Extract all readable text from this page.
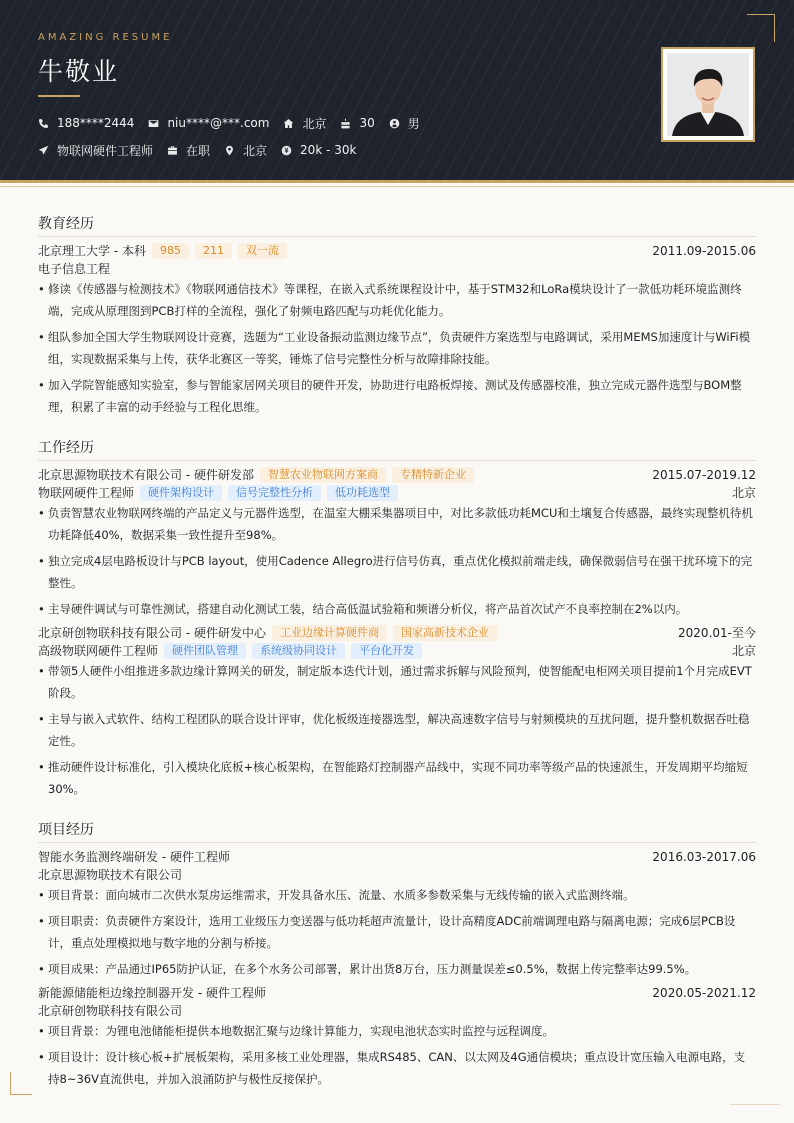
AMAZING RESUME
牛敬业
188****2444	niu****@***.com	北京	30	男
物联网硬件工程师	在职	北京	20k - 30k
教育经历
北京理工大学 - 本科	985	211	双一流	2011.09-2015.06
电子信息工程
• 修读《传感器与检测技术》《物联网通信技术》等课程，在嵌入式系统课程设计中，基于STM32和LoRa模块设计了一款低功耗环境监测终端，完成从原理图到PCB打样的全流程，强化了射频电路匹配与功耗优化能力。
• 组队参加全国大学生物联网设计竞赛，选题为“工业设备振动监测边缘节点”，负责硬件方案选型与电路调试，采用MEMS加速度计与WiFi模组，实现数据采集与上传，获华北赛区一等奖，锤炼了信号完整性分析与故障排除技能。
• 加入学院智能感知实验室，参与智能家居网关项目的硬件开发，协助进行电路板焊接、测试及传感器校准，独立完成元器件选型与BOM整理，积累了丰富的动手经验与工程化思维。
工作经历
北京思源物联技术有限公司 - 硬件研发部	智慧农业物联网方案商	专精特新企业	2015.07-2019.12
物联网硬件工程师	硬件架构设计	信号完整性分析	低功耗选型	北京
• 负责智慧农业物联网终端的产品定义与元器件选型，在温室大棚采集器项目中，对比多款低功耗MCU和土壤复合传感器，最终实现整机待机功耗降低40%，数据采集一致性提升至98%。
• 独立完成4层电路板设计与PCB layout，使用Cadence Allegro进行信号仿真，重点优化模拟前端走线，确保微弱信号在强干扰环境下的完整性。
• 主导硬件调试与可靠性测试，搭建自动化测试工装，结合高低温试验箱和频谱分析仪，将产品首次试产不良率控制在2%以内。
北京研创物联科技有限公司 - 硬件研发中心	工业边缘计算硬件商	国家高新技术企业	2020.01-至今
高级物联网硬件工程师	硬件团队管理	系统级协同设计	平台化开发	北京
• 带领5人硬件小组推进多款边缘计算网关的研发，制定版本迭代计划，通过需求拆解与风险预判，使智能配电柜网关项目提前1个月完成EVT阶段。
• 主导与嵌入式软件、结构工程团队的联合设计评审，优化板级连接器选型，解决高速数字信号与射频模块的互扰问题，提升整机数据吞吐稳定性。
• 推动硬件设计标准化，引入模块化底板+核心板架构，在智能路灯控制器产品线中，实现不同功率等级产品的快速派生，开发周期平均缩短30%。
项目经历
智能水务监测终端研发 - 硬件工程师	2016.03-2017.06
北京思源物联技术有限公司
• 项目背景：面向城市二次供水泵房运维需求，开发具备水压、流量、水质多参数采集与无线传输的嵌入式监测终端。
• 项目职责：负责硬件方案设计，选用工业级压力变送器与低功耗超声流量计，设计高精度ADC前端调理电路与隔离电源；完成6层PCB设计，重点处理模拟地与数字地的分割与桥接。
• 项目成果：产品通过IP65防护认证，在多个水务公司部署，累计出货8万台，压力测量误差≤0.5%，数据上传完整率达99.5%。
新能源储能柜边缘控制器开发 - 硬件工程师	2020.05-2021.12
北京研创物联科技有限公司
• 项目背景：为锂电池储能柜提供本地数据汇聚与边缘计算能力，实现电池状态实时监控与远程调度。
• 项目设计：设计核心板+扩展板架构，采用多核工业处理器，集成RS485、CAN、以太网及4G通信模块；重点设计宽压输入电源电路，支持8~36V直流供电，并加入浪涌防护与极性反接保护。
